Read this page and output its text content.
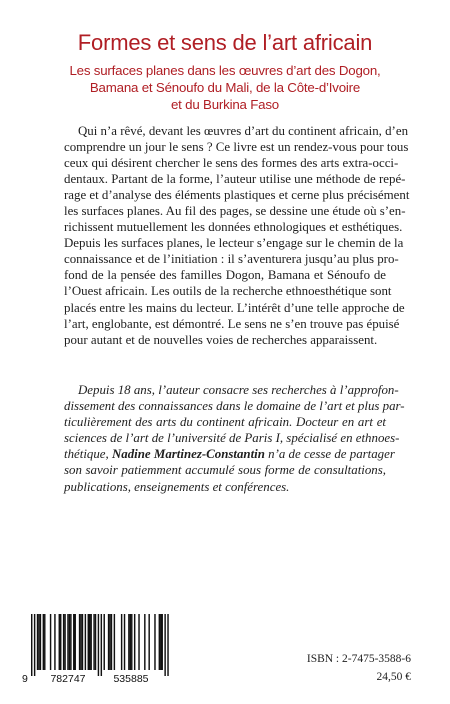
Formes et sens de l’art africain
Les surfaces planes dans les œuvres d’art des Dogon,
Bamana et Sénoufo du Mali, de la Côte-d’Ivoire
et du Burkina Faso
Qui n’a rêvé, devant les œuvres d’art du continent africain, d’en
comprendre un jour le sens ? Ce livre est un rendez-vous pour tous
ceux qui désirent chercher le sens des formes des arts extra-occi-
dentaux. Partant de la forme, l’auteur utilise une méthode de repé-
rage et d’analyse des éléments plastiques et cerne plus précisément
les surfaces planes. Au fil des pages, se dessine une étude où s’en-
richissent mutuellement les données ethnologiques et esthétiques.
Depuis les surfaces planes, le lecteur s’engage sur le chemin de la
connaissance et de l’initiation : il s’aventurera jusqu’au plus pro-
fond de la pensée des familles Dogon, Bamana et Sénoufo de
l’Ouest africain. Les outils de la recherche ethnoesthétique sont
placés entre les mains du lecteur. L’intérêt d’une telle approche de
l’art, englobante, est démontré. Le sens ne s’en trouve pas épuisé
pour autant et de nouvelles voies de recherches apparaissent.
Depuis 18 ans, l’auteur consacre ses recherches à l’approfon-
dissement des connaissances dans le domaine de l’art et plus par-
ticulièrement des arts du continent africain. Docteur en art et
sciences de l’art de l’université de Paris I, spécialisé en ethnoes-
thétique, Nadine Martinez-Constantin n’a de cesse de partager
son savoir patiemment accumulé sous forme de consultations,
publications, enseignements et conférences.
9 782747	535885
ISBN : 2-7475-3588-6
24,50 €
